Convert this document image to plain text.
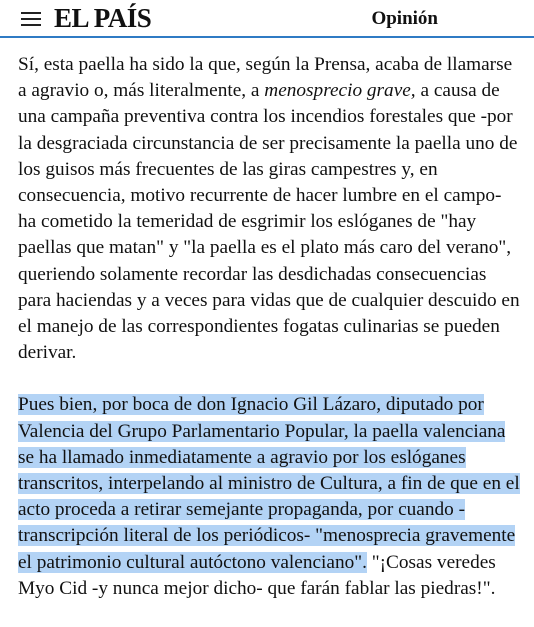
EL PAÍS	Opinión

Sí, esta paella ha sido la que, según la Prensa, acaba de llamarse a agravio o, más literalmente, a menosprecio grave, a causa de una campaña preventiva contra los incendios forestales que -por la desgraciada circunstancia de ser precisamente la paella uno de los guisos más frecuentes de las giras campestres y, en consecuencia, motivo recurrente de hacer lumbre en el campo- ha cometido la temeridad de esgrimir los eslóganes de "hay paellas que matan" y "la paella es el plato más caro del verano", queriendo solamente recordar las desdichadas consecuencias para haciendas y a veces para vidas que de cualquier descuido en el manejo de las correspondientes fogatas culinarias se pueden derivar.

Pues bien, por boca de don Ignacio Gil Lázaro, diputado por Valencia del Grupo Parlamentario Popular, la paella valenciana se ha llamado inmediatamente a agravio por los eslóganes transcritos, interpelando al ministro de Cultura, a fin de que en el acto proceda a retirar semejante propaganda, por cuando -transcripción literal de los periódicos- "menosprecia gravemente el patrimonio cultural autóctono valenciano". "¡Cosas veredes Myo Cid -y nunca mejor dicho- que farán fablar las piedras!".
